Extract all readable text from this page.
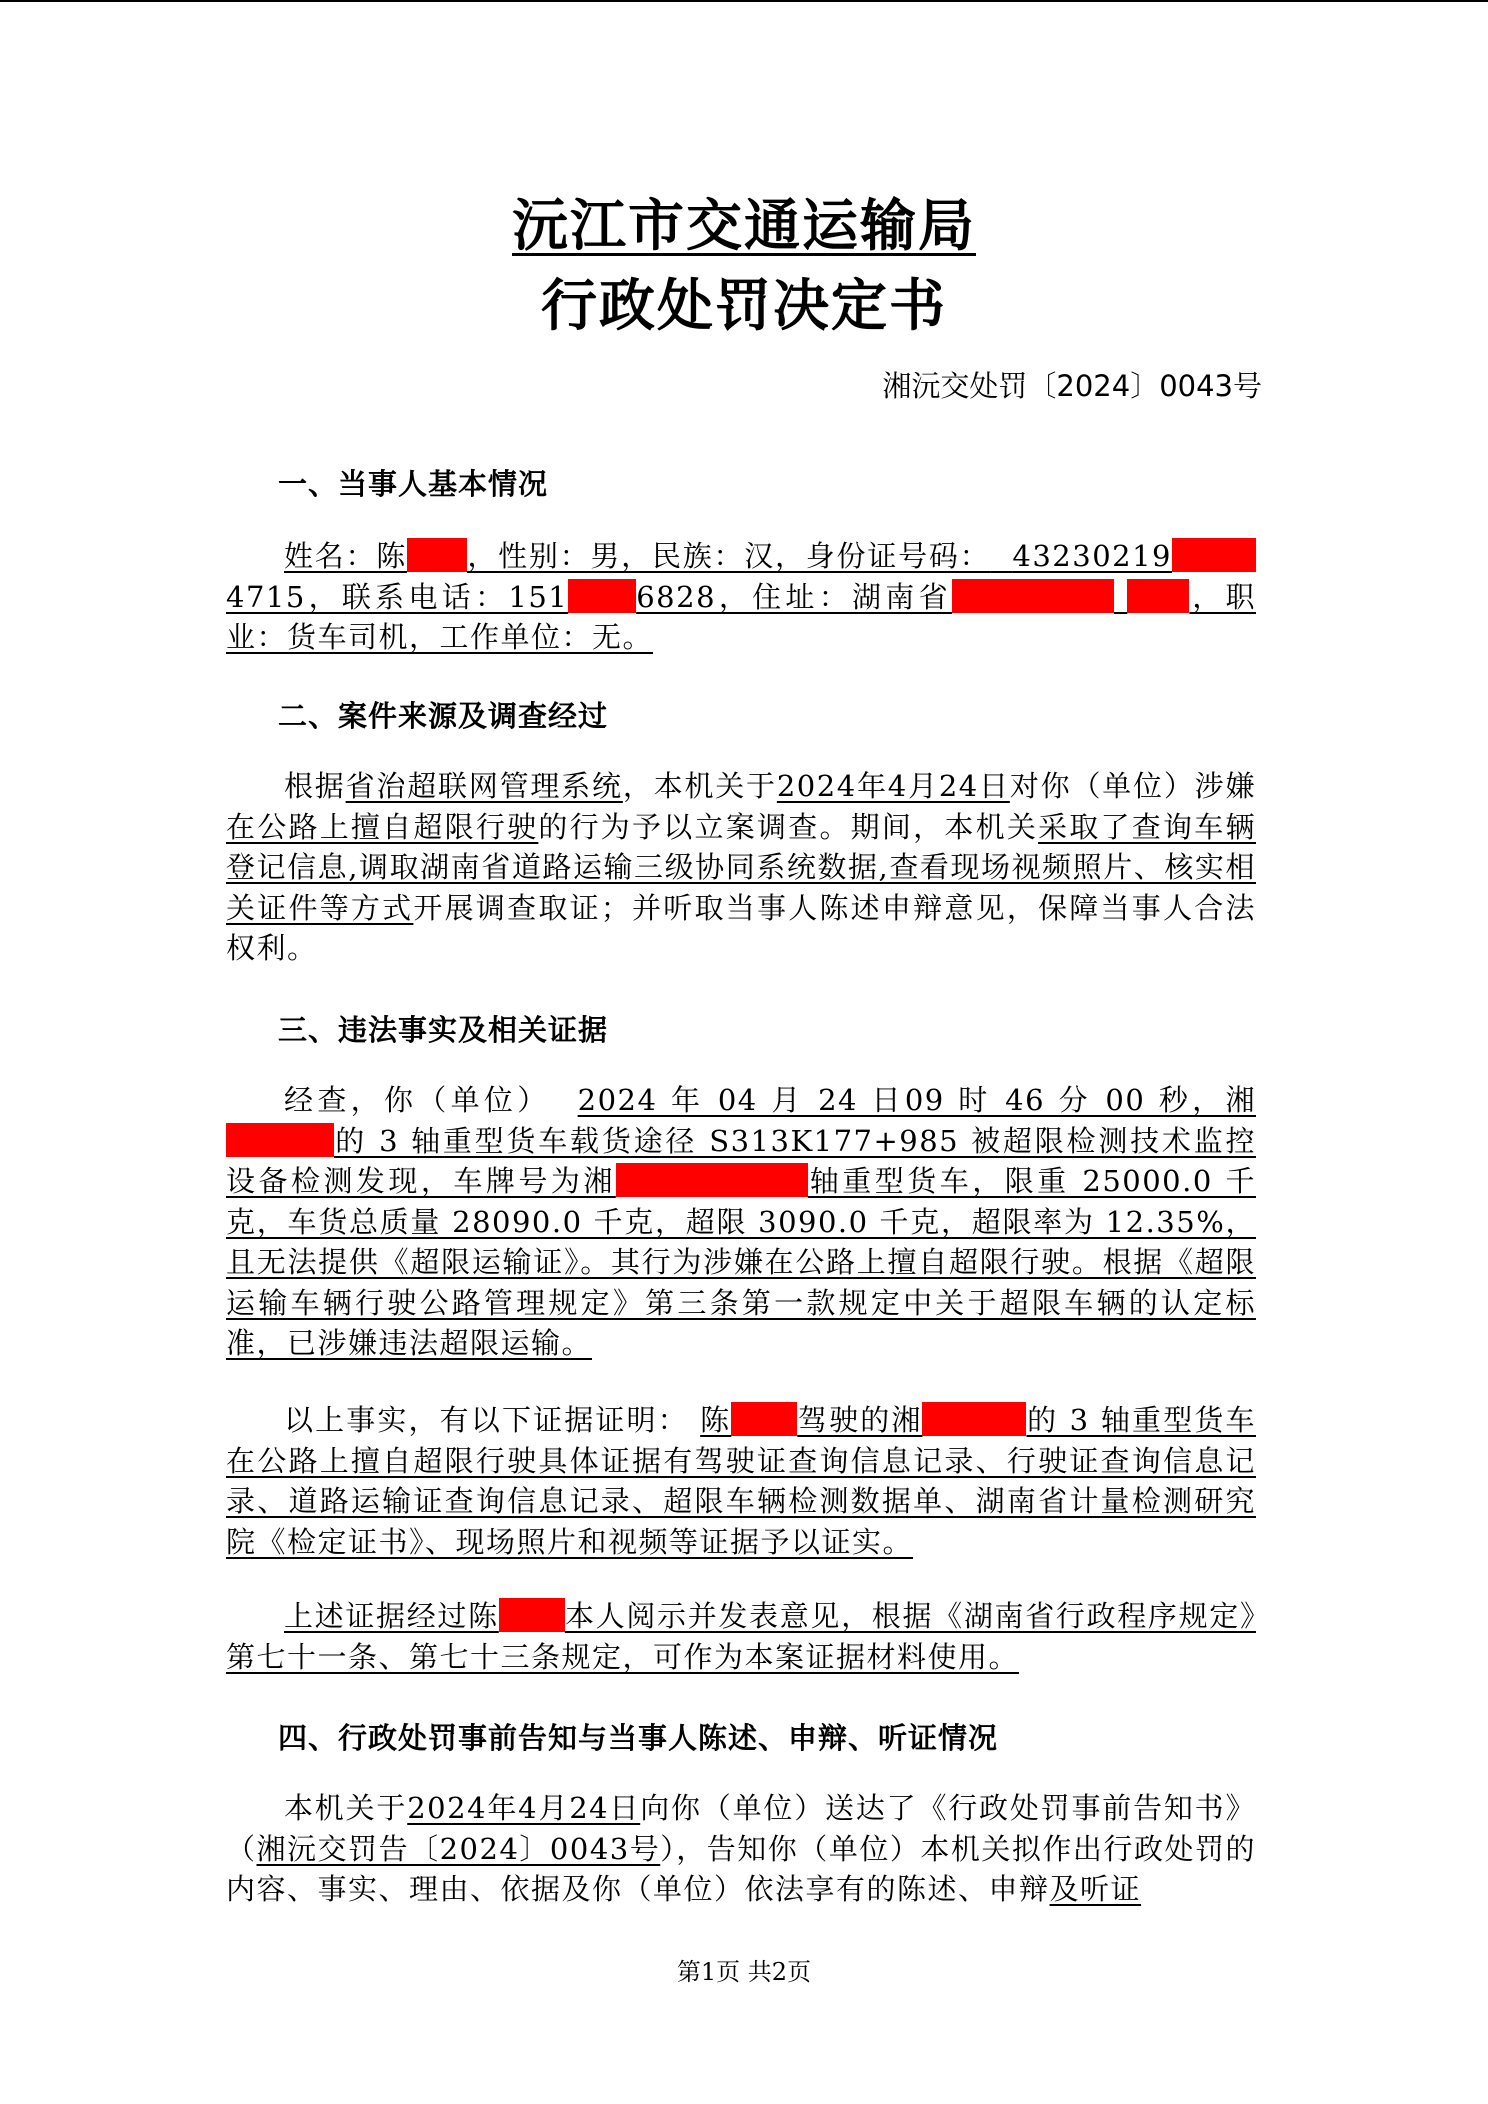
沅江市交通运输局
行政处罚决定书
湘沅交处罚〔2024〕0043号
一、当事人基本情况
姓名：陈 ，性别：男，民族：汉，身份证号码： 432302194715，联系电话：151 6828，住址：湖南省	，职业：货车司机，工作单位：无。
二、案件来源及调查经过
根据省治超联网管理系统，本机关于2024年4月24日对你（单位）涉嫌在公路上擅自超限行驶的行为予以立案调查。期间，本机关采取了查询车辆登记信息,调取湖南省道路运输三级协同系统数据,查看现场视频照片、核实相关证件等方式开展调查取证；并听取当事人陈述申辩意见，保障当事人合法权利。
三、违法事实及相关证据
经查，你（单位） 2024 年 04 月 24 日09 时 46 分 00 秒，湘 的 3 轴重型货车载货途径 S313K177+985 被超限检测技术监控设备检测发现，车牌号为湘	轴重型货车，限重 25000.0 千克，车货总质量 28090.0 千克，超限 3090.0 千克，超限率为 12.35%，且无法提供《超限运输证》。其行为涉嫌在公路上擅自超限行驶。根据《超限运输车辆行驶公路管理规定》第三条第一款规定中关于超限车辆的认定标准，已涉嫌违法超限运输。
以上事实，有以下证据证明： 陈 驾驶的湘	的 3 轴重型货车在公路上擅自超限行驶具体证据有驾驶证查询信息记录、行驶证查询信息记录、道路运输证查询信息记录、超限车辆检测数据单、湖南省计量检测研究院《检定证书》、现场照片和视频等证据予以证实。
上述证据经过陈 本人阅示并发表意见，根据《湖南省行政程序规定》第七十一条、第七十三条规定，可作为本案证据材料使用。
四、行政处罚事前告知与当事人陈述、申辩、听证情况
本机关于2024年4月24日向你（单位）送达了《行政处罚事前告知书》（湘沅交罚告〔2024〕0043号），告知你（单位）本机关拟作出行政处罚的内容、事实、理由、依据及你（单位）依法享有的陈述、申辩及听证
第1页 共2页
